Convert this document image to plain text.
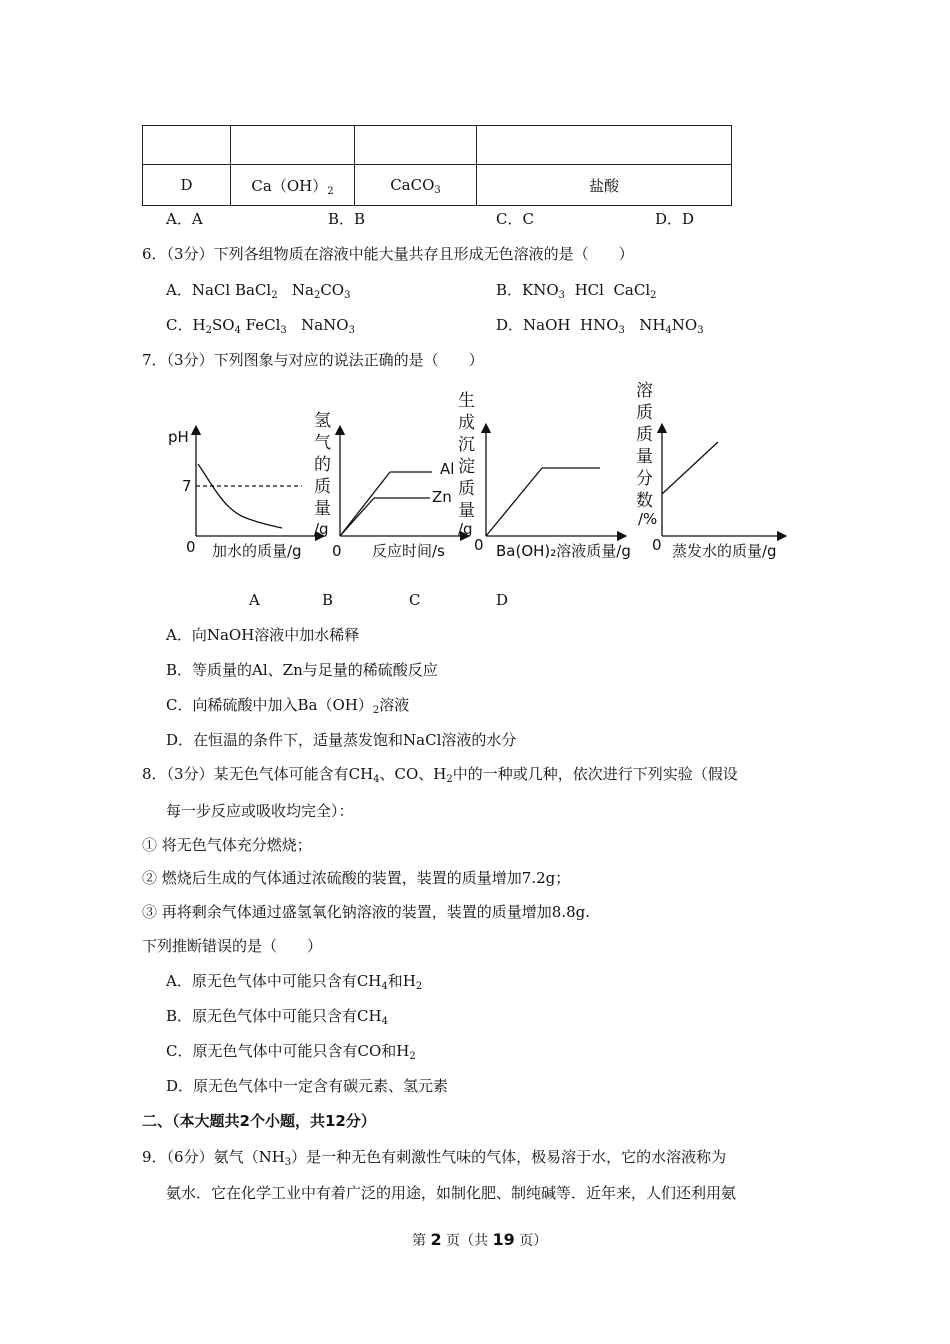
D	$Ca(OH)_2$	CaCO$_3$	盐酸
A．A	B．B	C．C	D．D
6．（3分）下列各组物质在溶液中能大量共存且形成无色溶液的是（　　）
A．NaCl BaCl$_2$   $Na_2CO_3$	B．$KNO_3$  HCl  CaCl$_2$
C．$H_2SO_4$ FeCl$_3$   NaNO$_3$	D．NaOH  $HNO_3$   $NH_4NO_3$
7．（3分）下列图象与对应的说法正确的是（　　）
pH
7
0 加水的质量/g
氢
气
的
质
量
/g
Al
Zn
0 反应时间/s
生
成
沉
淀
质
量
/g
0 Ba(OH)₂溶液质量/g
溶
质
质
量
分
数
/%
0 蒸发水的质量/g
A	B	C	D
A．向NaOH溶液中加水稀释
B．等质量的Al、Zn与足量的稀硫酸反应
C．向稀硫酸中加入$Ba(OH)_2$溶液
D．在恒温的条件下，适量蒸发饱和NaCl溶液的水分
8．（3分）某无色气体可能含有$CH_4$、CO、$H_2$中的一种或几种，依次进行下列实验（假设
每一步反应或吸收均完全）：
① 将无色气体充分燃烧；
② 燃烧后生成的气体通过浓硫酸的装置，装置的质量增加7.2g；
③ 再将剩余气体通过盛氢氧化钠溶液的装置，装置的质量增加8.8g.
下列推断错误的是（　　）
A．原无色气体中可能只含有$CH_4$和$H_2$
B．原无色气体中可能只含有$CH_4$
C．原无色气体中可能只含有CO和$H_2$
D．原无色气体中一定含有碳元素、氢元素
二、（本大题共2个小题，共12分）
9．（6分）氨气$(NH_3)$是一种无色有刺激性气味的气体，极易溶于水，它的水溶液称为
氨水．它在化学工业中有着广泛的用途，如制化肥、制纯碱等．近年来，人们还利用氨
第 2 页（共 19 页）
